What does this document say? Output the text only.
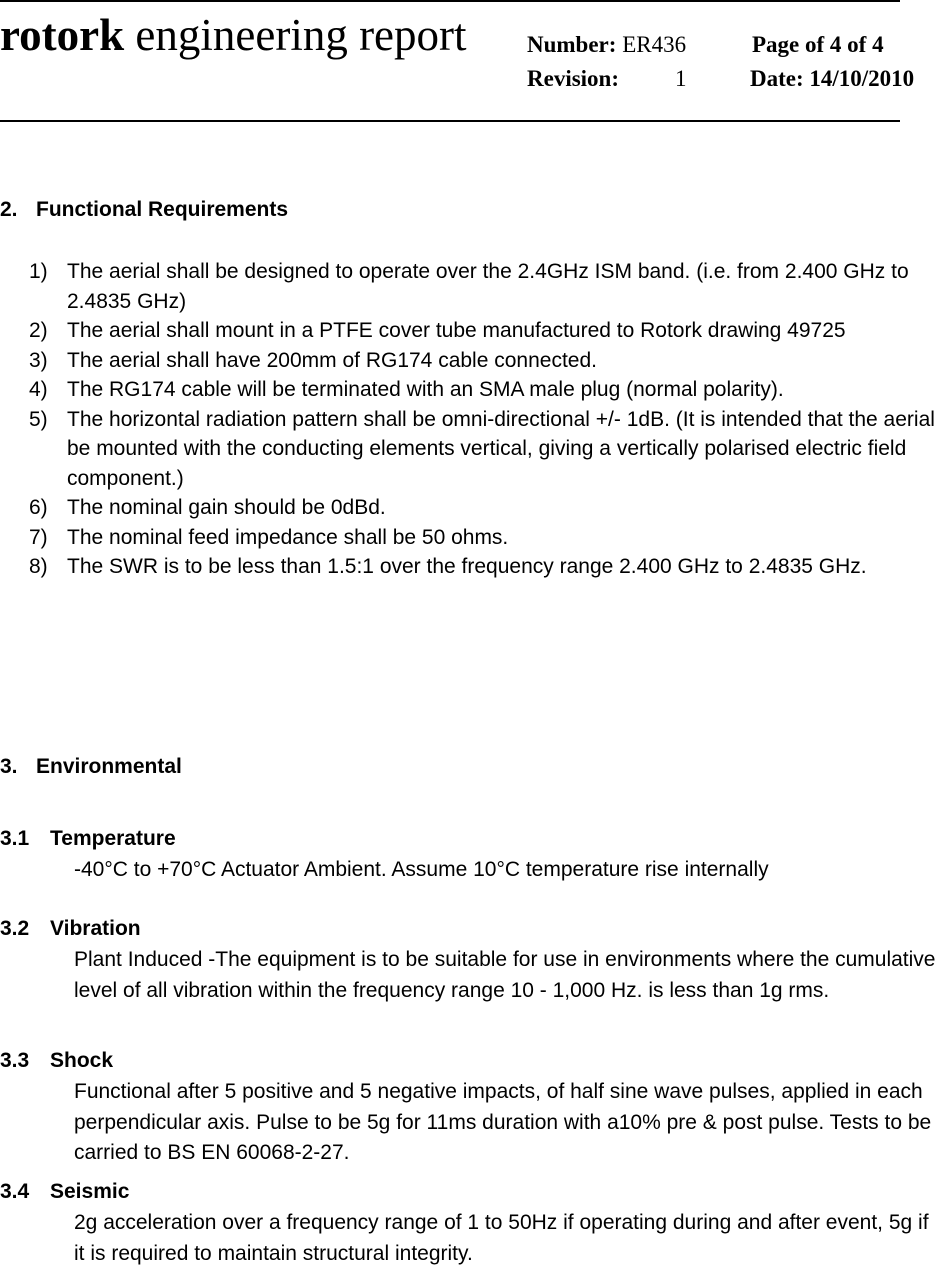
rotork engineering report	Number: ER436	Page of 4 of 4
Revision: 1	Date: 14/10/2010
2. Functional Requirements
1) The aerial shall be designed to operate over the 2.4GHz ISM band. (i.e. from 2.400 GHz to 2.4835 GHz)
2) The aerial shall mount in a PTFE cover tube manufactured to Rotork drawing 49725
3) The aerial shall have 200mm of RG174 cable connected.
4) The RG174 cable will be terminated with an SMA male plug (normal polarity).
5) The horizontal radiation pattern shall be omni-directional +/- 1dB. (It is intended that the aerial be mounted with the conducting elements vertical, giving a vertically polarised electric field component.)
6) The nominal gain should be 0dBd.
7) The nominal feed impedance shall be 50 ohms.
8) The SWR is to be less than 1.5:1 over the frequency range 2.400 GHz to 2.4835 GHz.
3. Environmental
3.1 Temperature
-40°C to +70°C Actuator Ambient. Assume 10°C temperature rise internally
3.2 Vibration
Plant Induced -The equipment is to be suitable for use in environments where the cumulative level of all vibration within the frequency range 10 - 1,000 Hz. is less than 1g rms.
3.3 Shock
Functional after 5 positive and 5 negative impacts, of half sine wave pulses, applied in each perpendicular axis. Pulse to be 5g for 11ms duration with a10% pre & post pulse. Tests to be carried to BS EN 60068-2-27.
3.4 Seismic
2g acceleration over a frequency range of 1 to 50Hz if operating during and after event, 5g if it is required to maintain structural integrity.
